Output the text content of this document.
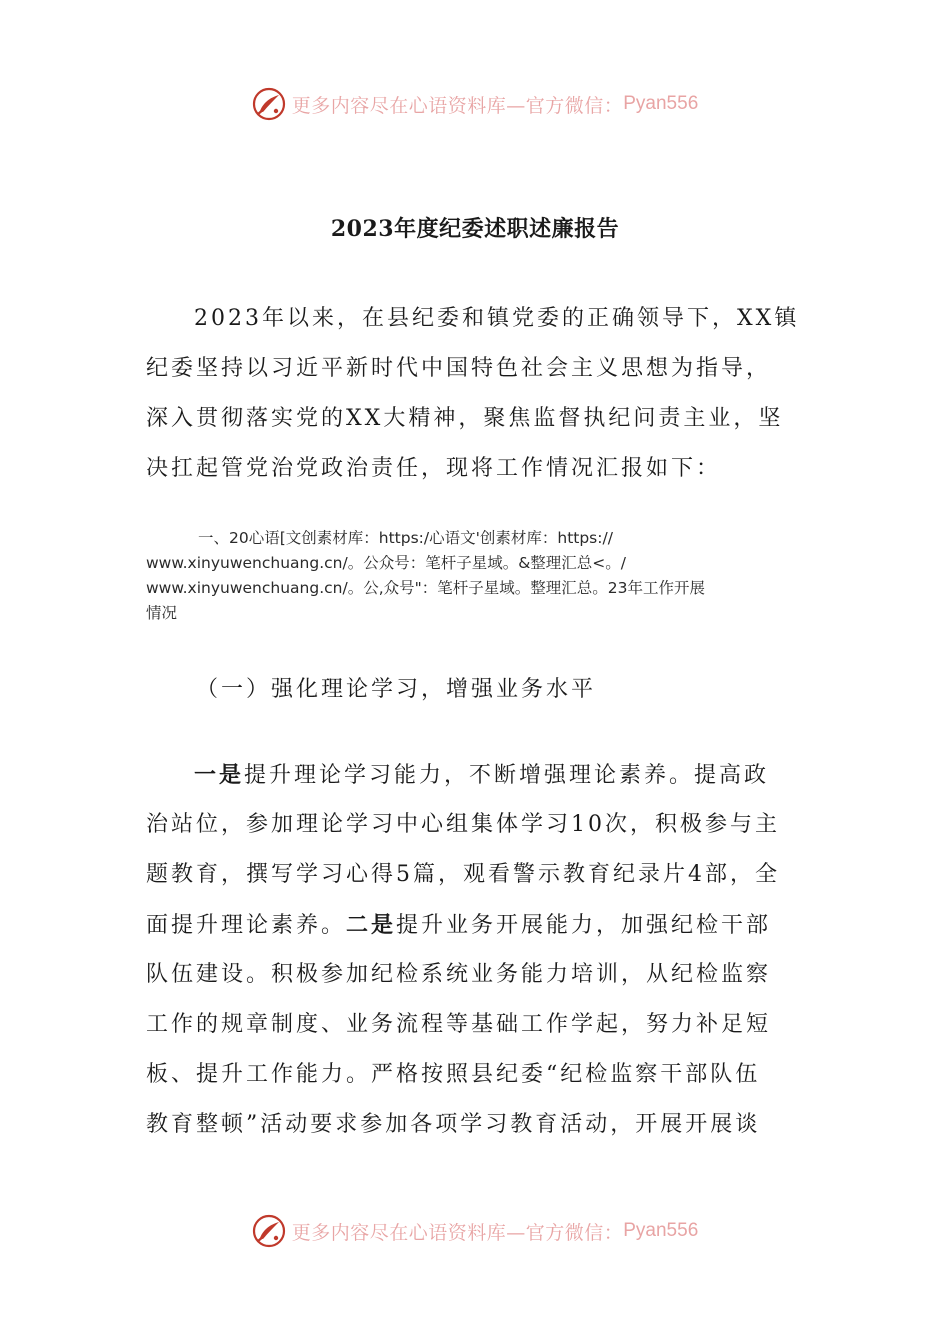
更多内容尽在心语资料库—官方微信： Pyan556
2023年度纪委述职述廉报告
2023年以来，在县纪委和镇党委的正确领导下，XX镇
纪委坚持以习近平新时代中国特色社会主义思想为指导，
深入贯彻落实党的XX大精神，聚焦监督执纪问责主业，坚
决扛起管党治党政治责任，现将工作情况汇报如下：
一、20心语[文创素材库：https:/心语文'创素材库：https://
www.xinyuwenchuang.cn/。公众号：笔杆子星域。&整理汇总<。/
www.xinyuwenchuang.cn/。公,众号"：笔杆子星域。整理汇总。23年工作开展
情况
（一）强化理论学习，增强业务水平
一是提升理论学习能力，不断增强理论素养。提高政
治站位，参加理论学习中心组集体学习10次，积极参与主
题教育，撰写学习心得5篇，观看警示教育纪录片4部，全
面提升理论素养。二是提升业务开展能力，加强纪检干部
队伍建设。积极参加纪检系统业务能力培训，从纪检监察
工作的规章制度、业务流程等基础工作学起，努力补足短
板、提升工作能力。严格按照县纪委“纪检监察干部队伍
教育整顿”活动要求参加各项学习教育活动，开展开展谈
更多内容尽在心语资料库—官方微信： Pyan556
